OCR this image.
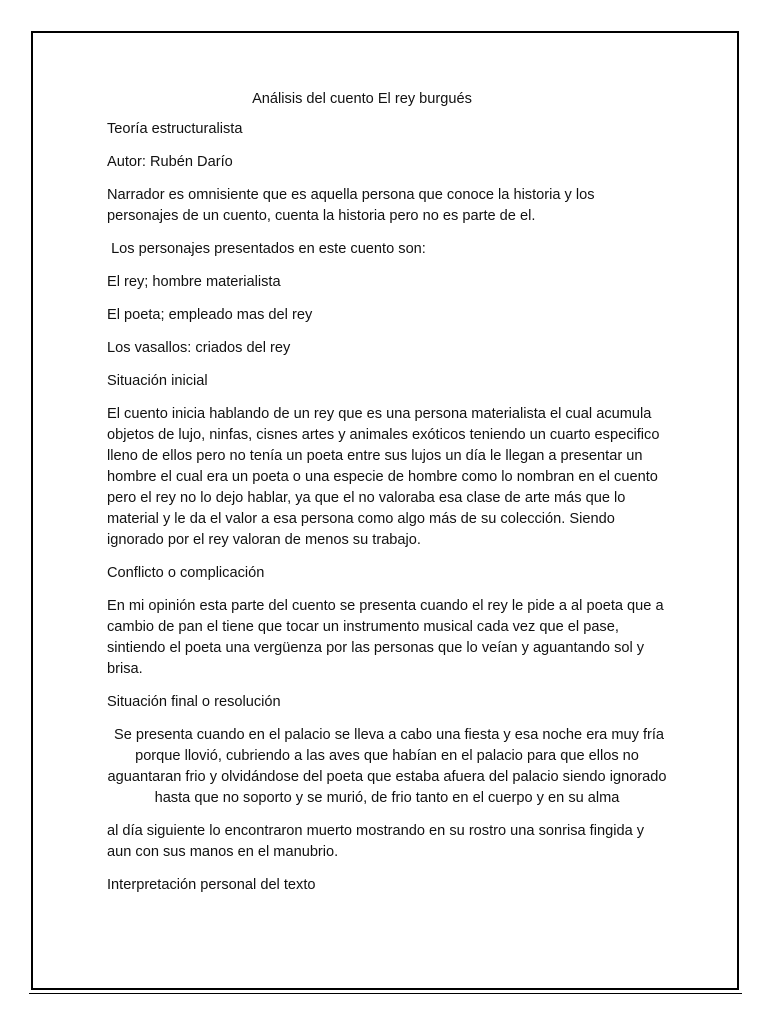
Análisis del cuento El rey burgués
Teoría estructuralista
Autor: Rubén Darío
Narrador es omnisiente que es aquella persona que conoce la historia y los personajes de un cuento, cuenta la historia pero no es parte de el.
Los personajes presentados en este cuento son:
El rey; hombre materialista
El poeta; empleado mas del rey
Los vasallos: criados del rey
Situación inicial
El cuento inicia hablando de un rey que es una persona materialista el cual acumula objetos de lujo, ninfas, cisnes artes y animales exóticos teniendo un cuarto especifico lleno de ellos pero no tenía un poeta entre sus lujos un día le llegan a presentar un hombre el cual era un poeta o una especie de hombre como lo nombran en el cuento pero el rey no lo dejo hablar, ya que el no valoraba esa clase de arte más que lo material y le da el valor a esa persona como algo más de su colección. Siendo ignorado por el rey valoran de menos su trabajo.
Conflicto o complicación
En mi opinión esta parte del cuento se presenta cuando el rey le pide a al poeta que a cambio de pan el tiene que tocar un instrumento musical cada vez que el pase, sintiendo el poeta una vergüenza por las personas que lo veían y aguantando sol y brisa.
Situación final o resolución
Se presenta cuando en el palacio se lleva a cabo una fiesta y esa noche era muy fría porque llovió, cubriendo a las aves que habían en el palacio para que ellos no aguantaran frio y olvidándose del poeta que estaba afuera del palacio siendo ignorado hasta que no soporto y se murió, de frio tanto en el cuerpo y en su alma
al día siguiente lo encontraron muerto mostrando en su rostro una sonrisa fingida y aun con sus manos en el manubrio.
Interpretación personal del texto
